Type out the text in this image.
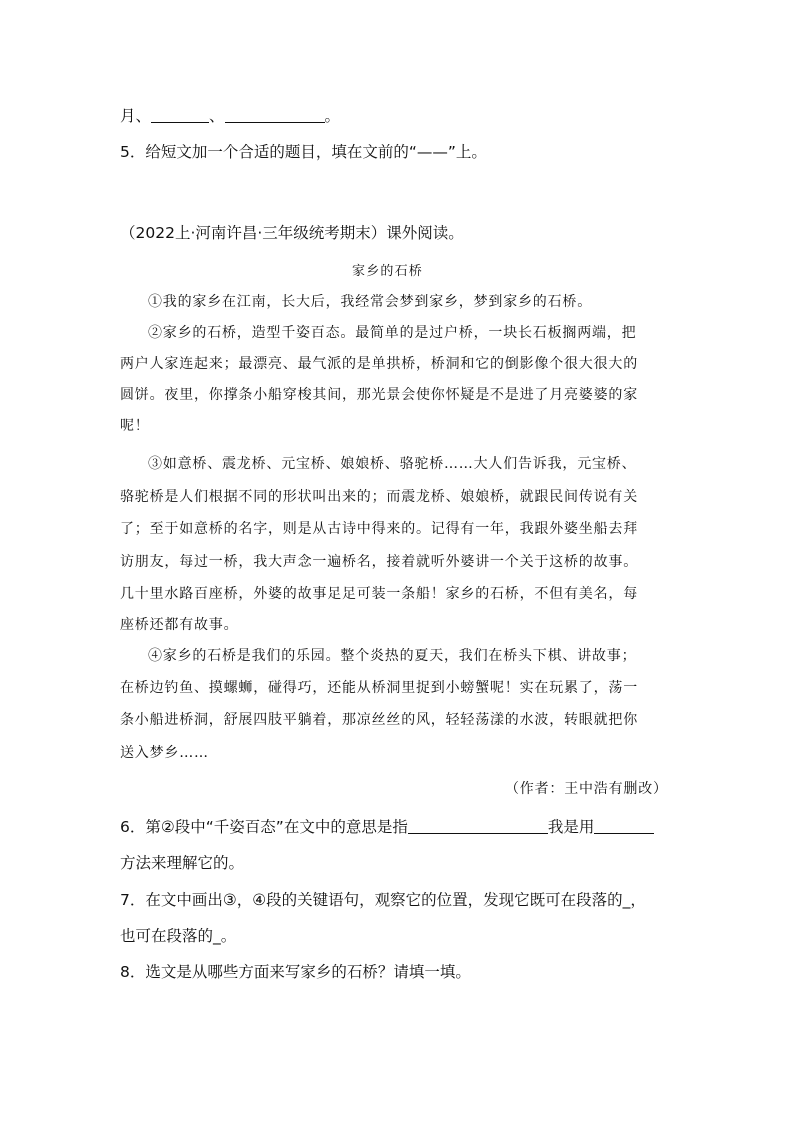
月、	、	。
5．给短文加一个合适的题目，填在文前的“——”上。
（2022上·河南许昌·三年级统考期末）课外阅读。
家乡的石桥
①我的家乡在江南，长大后，我经常会梦到家乡，梦到家乡的石桥。
②家乡的石桥，造型千姿百态。最简单的是过户桥，一块长石板搁两端，把
两户人家连起来；最漂亮、最气派的是单拱桥，桥洞和它的倒影像个很大很大的
圆饼。夜里，你撑条小船穿梭其间，那光景会使你怀疑是不是进了月亮婆婆的家
呢！
③如意桥、震龙桥、元宝桥、娘娘桥、骆驼桥……大人们告诉我，元宝桥、
骆驼桥是人们根据不同的形状叫出来的；而震龙桥、娘娘桥，就跟民间传说有关
了；至于如意桥的名字，则是从古诗中得来的。记得有一年，我跟外婆坐船去拜
访朋友，每过一桥，我大声念一遍桥名，接着就听外婆讲一个关于这桥的故事。
几十里水路百座桥，外婆的故事足足可装一条船！家乡的石桥，不但有美名，每
座桥还都有故事。
④家乡的石桥是我们的乐园。整个炎热的夏天，我们在桥头下棋、讲故事；
在桥边钓鱼、摸螺蛳，碰得巧，还能从桥洞里捉到小螃蟹呢！实在玩累了，荡一
条小船进桥洞，舒展四肢平躺着，那凉丝丝的风，轻轻荡漾的水波，转眼就把你
送入梦乡……
（作者：王中浩有删改）
6．第②段中“千姿百态”在文中的意思是指	我是用
方法来理解它的。
7．在文中画出③，④段的关键语句，观察它的位置，发现它既可在段落的_，
也可在段落的_。
8．选文是从哪些方面来写家乡的石桥？请填一填。
